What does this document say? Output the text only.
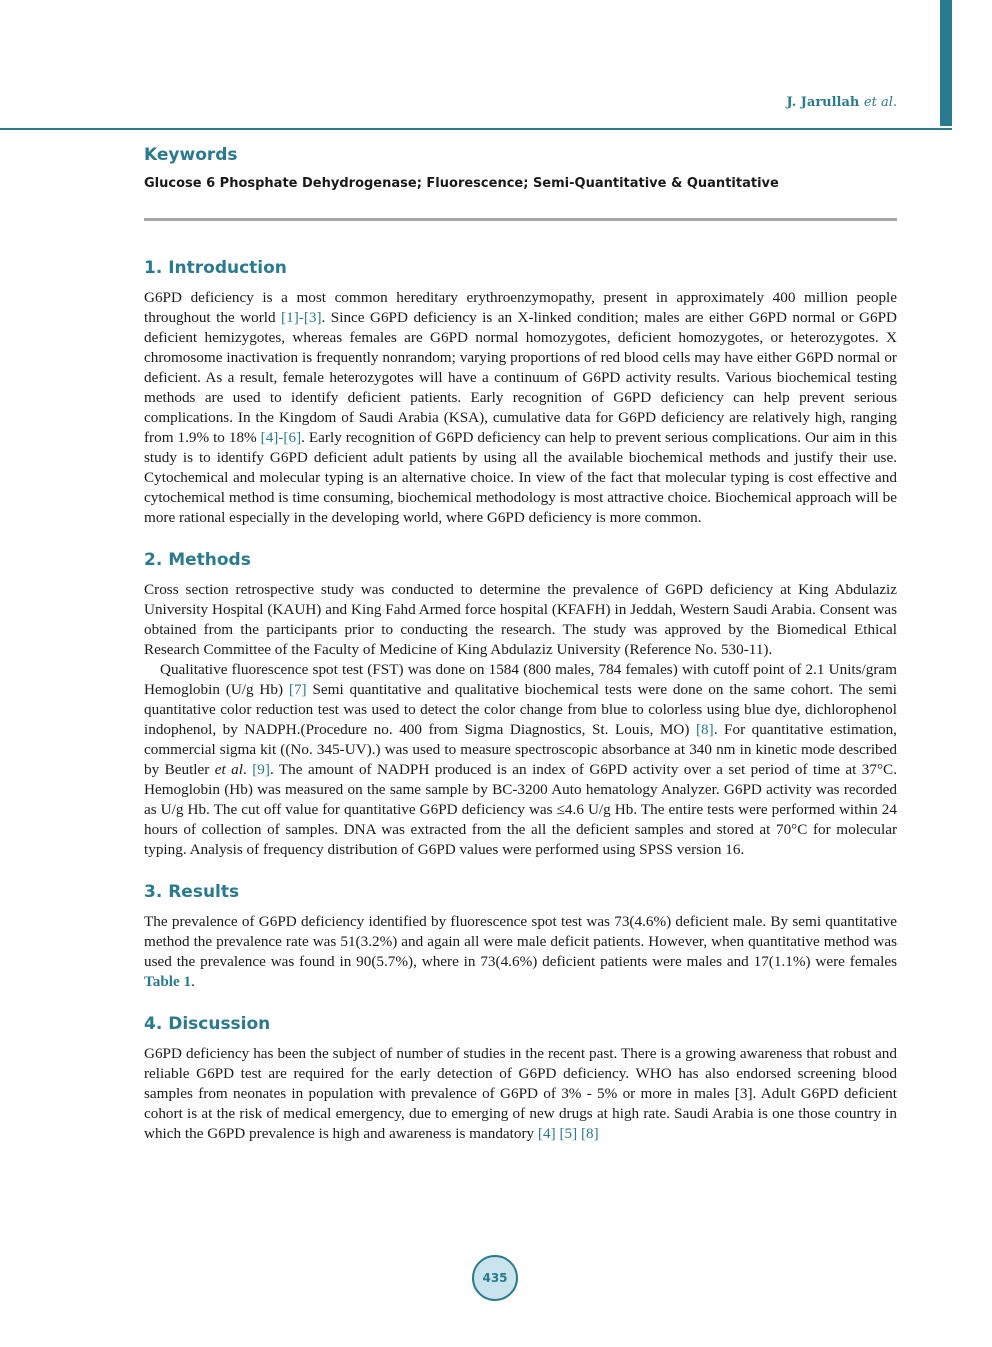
J. Jarullah et al.
Keywords
Glucose 6 Phosphate Dehydrogenase; Fluorescence; Semi-Quantitative & Quantitative
1. Introduction

G6PD deficiency is a most common hereditary erythroenzymopathy, present in approximately 400 million people throughout the world [1]-[3]. Since G6PD deficiency is an X-linked condition; males are either G6PD normal or G6PD deficient hemizygotes, whereas females are G6PD normal homozygotes, deficient homozygotes, or heterozygotes. X chromosome inactivation is frequently nonrandom; varying proportions of red blood cells may have either G6PD normal or deficient. As a result, female heterozygotes will have a continuum of G6PD activity results. Various biochemical testing methods are used to identify deficient patients. Early recognition of G6PD deficiency can help prevent serious complications. In the Kingdom of Saudi Arabia (KSA), cumulative data for G6PD deficiency are relatively high, ranging from 1.9% to 18% [4]-[6]. Early recognition of G6PD deficiency can help to prevent serious complications. Our aim in this study is to identify G6PD deficient adult patients by using all the available biochemical methods and justify their use. Cytochemical and molecular typing is an alternative choice. In view of the fact that molecular typing is cost effective and cytochemical method is time consuming, biochemical methodology is most attractive choice. Biochemical approach will be more rational especially in the developing world, where G6PD deficiency is more common.

2. Methods

Cross section retrospective study was conducted to determine the prevalence of G6PD deficiency at King Abdulaziz University Hospital (KAUH) and King Fahd Armed force hospital (KFAFH) in Jeddah, Western Saudi Arabia. Consent was obtained from the participants prior to conducting the research. The study was approved by the Biomedical Ethical Research Committee of the Faculty of Medicine of King Abdulaziz University (Reference No. 530-11).

Qualitative fluorescence spot test (FST) was done on 1584 (800 males, 784 females) with cutoff point of 2.1 Units/gram Hemoglobin (U/g Hb) [7] Semi quantitative and qualitative biochemical tests were done on the same cohort. The semi quantitative color reduction test was used to detect the color change from blue to colorless using blue dye, dichlorophenol indophenol, by NADPH.(Procedure no. 400 from Sigma Diagnostics, St. Louis, MO) [8]. For quantitative estimation, commercial sigma kit ((No. 345-UV).) was used to measure spectroscopic absorbance at 340 nm in kinetic mode described by Beutler et al. [9]. The amount of NADPH produced is an index of G6PD activity over a set period of time at 37°C. Hemoglobin (Hb) was measured on the same sample by BC-3200 Auto hematology Analyzer. G6PD activity was recorded as U/g Hb. The cut off value for quantitative G6PD deficiency was ≤4.6 U/g Hb. The entire tests were performed within 24 hours of collection of samples. DNA was extracted from the all the deficient samples and stored at 70°C for molecular typing. Analysis of frequency distribution of G6PD values were performed using SPSS version 16.

3. Results

The prevalence of G6PD deficiency identified by fluorescence spot test was 73(4.6%) deficient male. By semi quantitative method the prevalence rate was 51(3.2%) and again all were male deficit patients. However, when quantitative method was used the prevalence was found in 90(5.7%), where in 73(4.6%) deficient patients were males and 17(1.1%) were females Table 1.

4. Discussion

G6PD deficiency has been the subject of number of studies in the recent past. There is a growing awareness that robust and reliable G6PD test are required for the early detection of G6PD deficiency. WHO has also endorsed screening blood samples from neonates in population with prevalence of G6PD of 3% - 5% or more in males [3]. Adult G6PD deficient cohort is at the risk of medical emergency, due to emerging of new drugs at high rate. Saudi Arabia is one those country in which the G6PD prevalence is high and awareness is mandatory [4] [5] [8]

435
